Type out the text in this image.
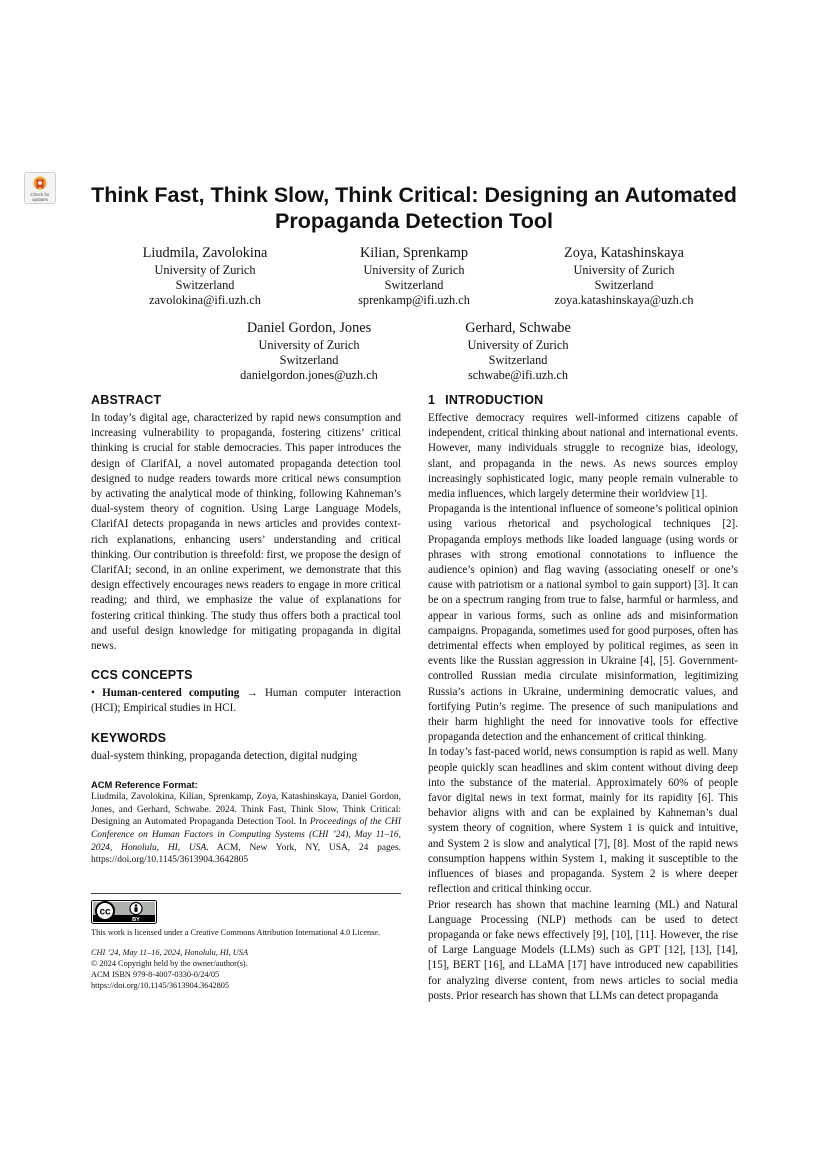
Check for
updates	Think Fast, Think Slow, Think Critical: Designing an Automated Propaganda Detection Tool
Liudmila, Zavolokina
University of Zurich
Switzerland
zavolokina@ifi.uzh.ch
Kilian, Sprenkamp
University of Zurich
Switzerland
sprenkamp@ifi.uzh.ch
Zoya, Katashinskaya
University of Zurich
Switzerland
zoya.katashinskaya@uzh.ch
Daniel Gordon, Jones
University of Zurich
Switzerland
danielgordon.jones@uzh.ch
Gerhard, Schwabe
University of Zurich
Switzerland
schwabe@ifi.uzh.ch
ABSTRACT

In today’s digital age, characterized by rapid news consumption and increasing vulnerability to propaganda, fostering citizens’ critical thinking is crucial for stable democracies. This paper introduces the design of ClarifAI, a novel automated propaganda detection tool designed to nudge readers towards more critical news consumption by activating the analytical mode of thinking, following Kahneman’s dual-system theory of cognition. Using Large Language Models, ClarifAI detects propaganda in news articles and provides context-rich explanations, enhancing users’ understanding and critical thinking. Our contribution is threefold: first, we propose the design of ClarifAI; second, in an online experiment, we demonstrate that this design effectively encourages news readers to engage in more critical reading; and third, we emphasize the value of explanations for fostering critical thinking. The study thus offers both a practical tool and useful design knowledge for mitigating propaganda in digital news.

CCS CONCEPTS

• Human-centered computing → Human computer interaction (HCI); Empirical studies in HCI.

KEYWORDS

dual-system thinking, propaganda detection, digital nudging

ACM Reference Format:
Liudmila, Zavolokina, Kilian, Sprenkamp, Zoya, Katashinskaya, Daniel Gordon, Jones, and Gerhard, Schwabe. 2024. Think Fast, Think Slow, Think Critical: Designing an Automated Propaganda Detection Tool. In Proceedings of the CHI Conference on Human Factors in Computing Systems (CHI ’24), May 11–16, 2024, Honolulu, HI, USA. ACM, New York, NY, USA, 24 pages. https://doi.org/10.1145/3613904.3642805
cc
BY
This work is licensed under a Creative Commons Attribution International 4.0 License.
CHI ’24, May 11–16, 2024, Honolulu, HI, USA
© 2024 Copyright held by the owner/author(s).
ACM ISBN 979-8-4007-0330-0/24/05
https://doi.org/10.1145/3613904.3642805
1 INTRODUCTION

Effective democracy requires well-informed citizens capable of independent, critical thinking about national and international events. However, many individuals struggle to recognize bias, ideology, slant, and propaganda in the news. As news sources employ increasingly sophisticated logic, many people remain vulnerable to media influences, which largely determine their worldview [1].

Propaganda is the intentional influence of someone’s political opinion using various rhetorical and psychological techniques [2]. Propaganda employs methods like loaded language (using words or phrases with strong emotional connotations to influence the audience’s opinion) and flag waving (associating oneself or one’s cause with patriotism or a national symbol to gain support) [3]. It can be on a spectrum ranging from true to false, harmful or harmless, and appear in various forms, such as online ads and misinformation campaigns. Propaganda, sometimes used for good purposes, often has detrimental effects when employed by political regimes, as seen in events like the Russian aggression in Ukraine [4], [5]. Government-controlled Russian media circulate misinformation, legitimizing Russia’s actions in Ukraine, undermining democratic values, and fortifying Putin’s regime. The presence of such manipulations and their harm highlight the need for innovative tools for effective propaganda detection and the enhancement of critical thinking.

In today’s fast-paced world, news consumption is rapid as well. Many people quickly scan headlines and skim content without diving deep into the substance of the material. Approximately 60% of people favor digital news in text format, mainly for its rapidity [6]. This behavior aligns with and can be explained by Kahneman’s dual system theory of cognition, where System 1 is quick and intuitive, and System 2 is slow and analytical [7], [8]. Most of the rapid news consumption happens within System 1, making it susceptible to the influences of biases and propaganda. System 2 is where deeper reflection and critical thinking occur.

Prior research has shown that machine learning (ML) and Natural Language Processing (NLP) methods can be used to detect propaganda or fake news effectively [9], [10], [11]. However, the rise of Large Language Models (LLMs) such as GPT [12], [13], [14], [15], BERT [16], and LLaMA [17] have introduced new capabilities for analyzing diverse content, from news articles to social media posts. Prior research has shown that LLMs can detect propaganda
